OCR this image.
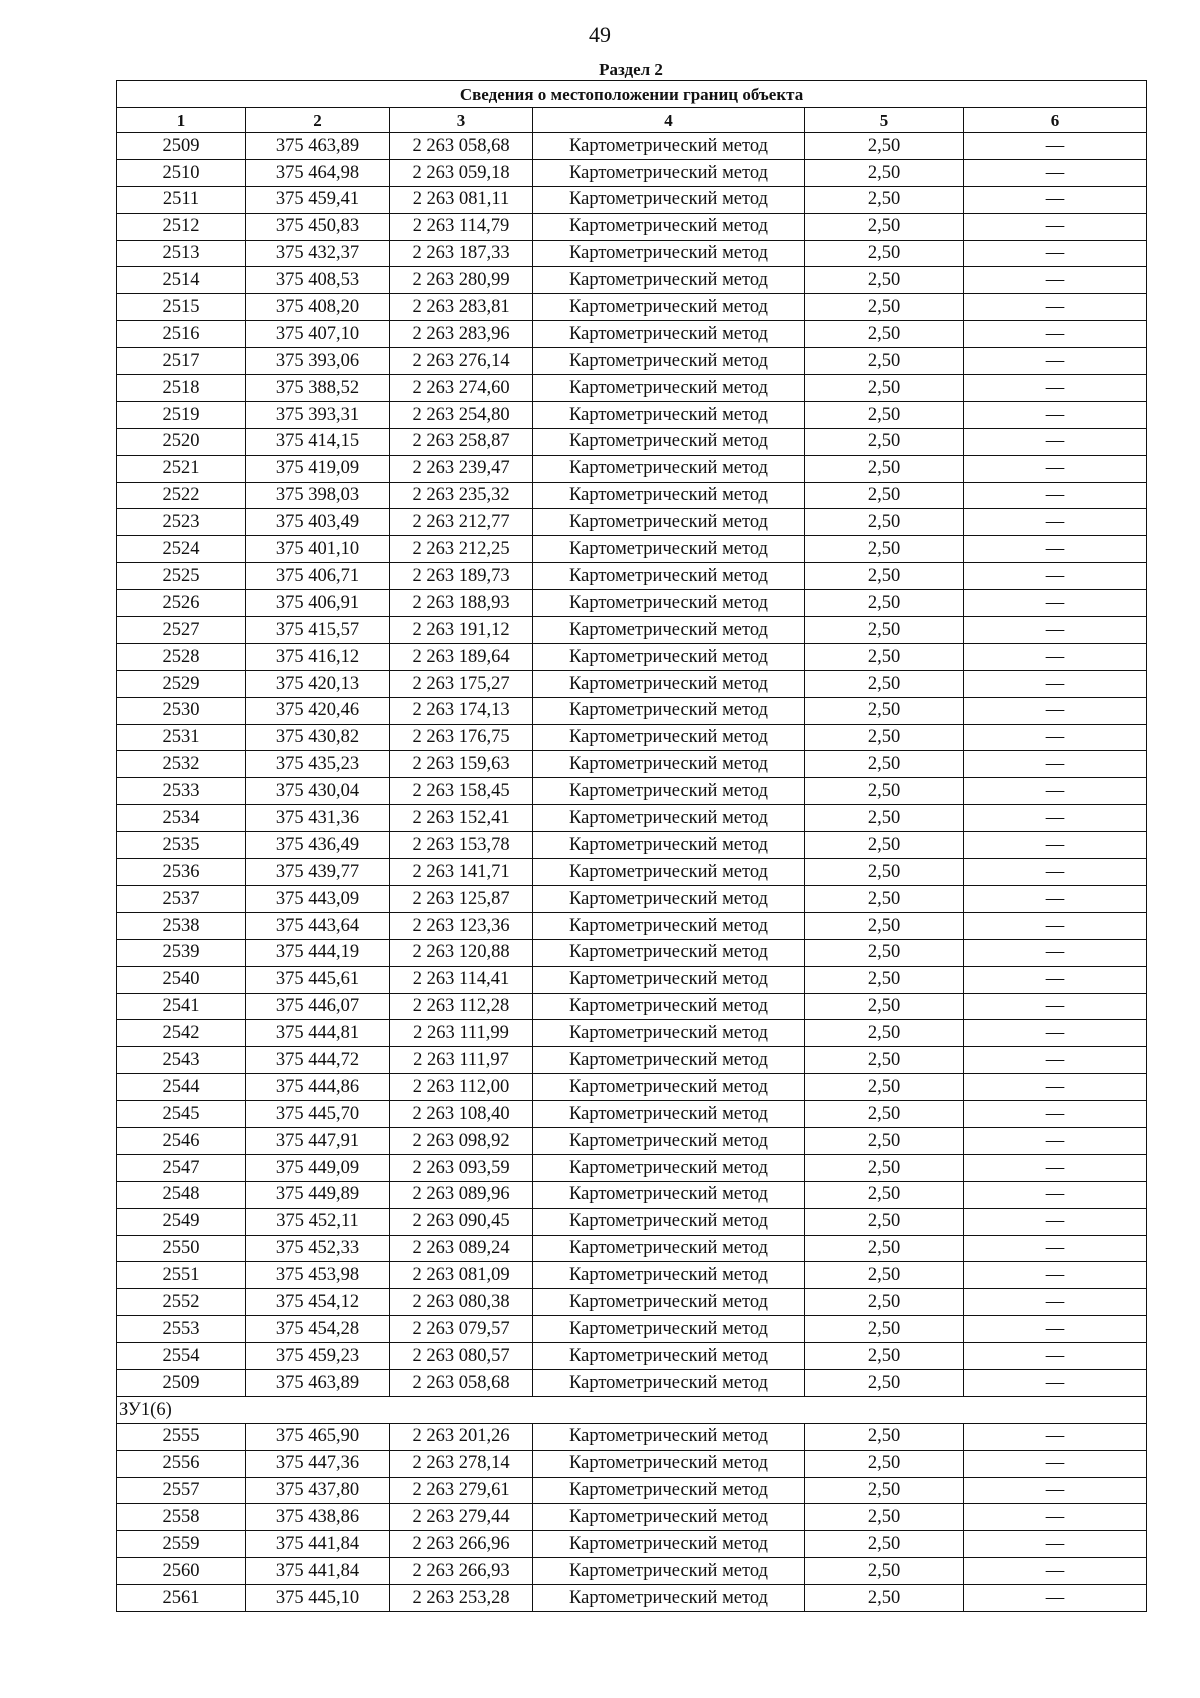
49
Раздел 2
Сведения о местоположении границ объекта					
1	2	3	4	5	6
2509	375 463,89	2 263 058,68	Картометрический метод	2,50	—
2510	375 464,98	2 263 059,18	Картометрический метод	2,50	—
2511	375 459,41	2 263 081,11	Картометрический метод	2,50	—
2512	375 450,83	2 263 114,79	Картометрический метод	2,50	—
2513	375 432,37	2 263 187,33	Картометрический метод	2,50	—
2514	375 408,53	2 263 280,99	Картометрический метод	2,50	—
2515	375 408,20	2 263 283,81	Картометрический метод	2,50	—
2516	375 407,10	2 263 283,96	Картометрический метод	2,50	—
2517	375 393,06	2 263 276,14	Картометрический метод	2,50	—
2518	375 388,52	2 263 274,60	Картометрический метод	2,50	—
2519	375 393,31	2 263 254,80	Картометрический метод	2,50	—
2520	375 414,15	2 263 258,87	Картометрический метод	2,50	—
2521	375 419,09	2 263 239,47	Картометрический метод	2,50	—
2522	375 398,03	2 263 235,32	Картометрический метод	2,50	—
2523	375 403,49	2 263 212,77	Картометрический метод	2,50	—
2524	375 401,10	2 263 212,25	Картометрический метод	2,50	—
2525	375 406,71	2 263 189,73	Картометрический метод	2,50	—
2526	375 406,91	2 263 188,93	Картометрический метод	2,50	—
2527	375 415,57	2 263 191,12	Картометрический метод	2,50	—
2528	375 416,12	2 263 189,64	Картометрический метод	2,50	—
2529	375 420,13	2 263 175,27	Картометрический метод	2,50	—
2530	375 420,46	2 263 174,13	Картометрический метод	2,50	—
2531	375 430,82	2 263 176,75	Картометрический метод	2,50	—
2532	375 435,23	2 263 159,63	Картометрический метод	2,50	—
2533	375 430,04	2 263 158,45	Картометрический метод	2,50	—
2534	375 431,36	2 263 152,41	Картометрический метод	2,50	—
2535	375 436,49	2 263 153,78	Картометрический метод	2,50	—
2536	375 439,77	2 263 141,71	Картометрический метод	2,50	—
2537	375 443,09	2 263 125,87	Картометрический метод	2,50	—
2538	375 443,64	2 263 123,36	Картометрический метод	2,50	—
2539	375 444,19	2 263 120,88	Картометрический метод	2,50	—
2540	375 445,61	2 263 114,41	Картометрический метод	2,50	—
2541	375 446,07	2 263 112,28	Картометрический метод	2,50	—
2542	375 444,81	2 263 111,99	Картометрический метод	2,50	—
2543	375 444,72	2 263 111,97	Картометрический метод	2,50	—
2544	375 444,86	2 263 112,00	Картометрический метод	2,50	—
2545	375 445,70	2 263 108,40	Картометрический метод	2,50	—
2546	375 447,91	2 263 098,92	Картометрический метод	2,50	—
2547	375 449,09	2 263 093,59	Картометрический метод	2,50	—
2548	375 449,89	2 263 089,96	Картометрический метод	2,50	—
2549	375 452,11	2 263 090,45	Картометрический метод	2,50	—
2550	375 452,33	2 263 089,24	Картометрический метод	2,50	—
2551	375 453,98	2 263 081,09	Картометрический метод	2,50	—
2552	375 454,12	2 263 080,38	Картометрический метод	2,50	—
2553	375 454,28	2 263 079,57	Картометрический метод	2,50	—
2554	375 459,23	2 263 080,57	Картометрический метод	2,50	—
2509	375 463,89	2 263 058,68	Картометрический метод	2,50	—
ЗУ1(6)					
2555	375 465,90	2 263 201,26	Картометрический метод	2,50	—
2556	375 447,36	2 263 278,14	Картометрический метод	2,50	—
2557	375 437,80	2 263 279,61	Картометрический метод	2,50	—
2558	375 438,86	2 263 279,44	Картометрический метод	2,50	—
2559	375 441,84	2 263 266,96	Картометрический метод	2,50	—
2560	375 441,84	2 263 266,93	Картометрический метод	2,50	—
2561	375 445,10	2 263 253,28	Картометрический метод	2,50	—
